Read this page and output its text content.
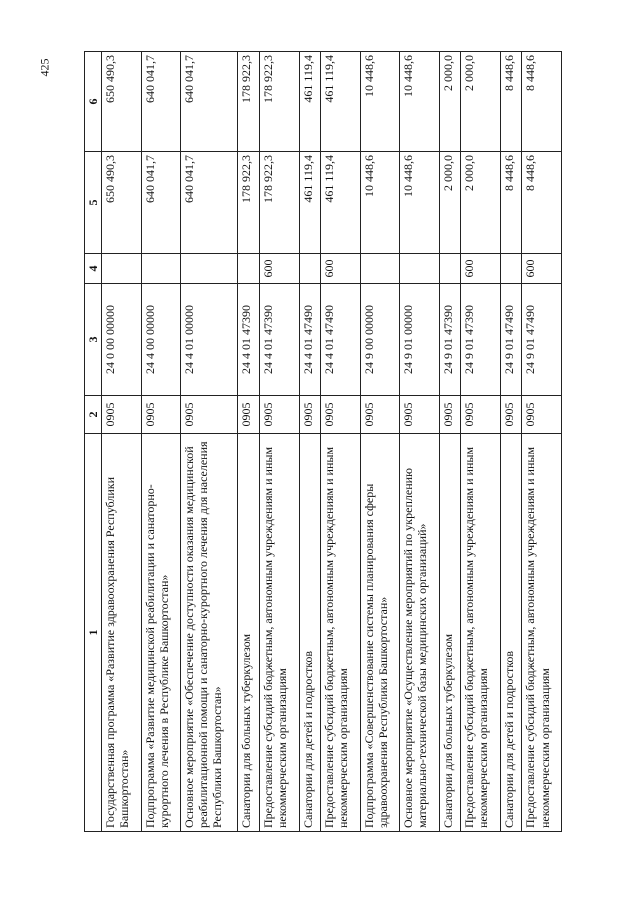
425
1	2	3	4	5	6
Государственная программа «Развитие здравоохранения Республики Башкортостан»	0905	24 0 00 00000		650 490,3	650 490,3
Подпрограмма «Развитие медицинской реабилитации и санаторно-курортного лечения в Республике Башкортостан»	0905	24 4 00 00000		640 041,7	640 041,7
Основное мероприятие «Обеспечение доступности оказания медицинской реабилитационной помощи и санаторно-курортного лечения для населения Республики Башкортостан»	0905	24 4 01 00000		640 041,7	640 041,7
Санатории для больных туберкулезом	0905	24 4 01 47390		178 922,3	178 922,3
Предоставление субсидий бюджетным, автономным учреждениям и иным некоммерческим организациям	0905	24 4 01 47390	600	178 922,3	178 922,3
Санатории для детей и подростков	0905	24 4 01 47490		461 119,4	461 119,4
Предоставление субсидий бюджетным, автономным учреждениям и иным некоммерческим организациям	0905	24 4 01 47490	600	461 119,4	461 119,4
Подпрограмма «Совершенствование системы планирования сферы здравоохранения Республики Башкортостан»	0905	24 9 00 00000		10 448,6	10 448,6
Основное мероприятие «Осуществление мероприятий по укреплению материально-технической базы медицинских организаций»	0905	24 9 01 00000		10 448,6	10 448,6
Санатории для больных туберкулезом	0905	24 9 01 47390		2 000,0	2 000,0
Предоставление субсидий бюджетным, автономным учреждениям и иным некоммерческим организациям	0905	24 9 01 47390	600	2 000,0	2 000,0
Санатории для детей и подростков	0905	24 9 01 47490		8 448,6	8 448,6
Предоставление субсидий бюджетным, автономным учреждениям и иным некоммерческим организациям	0905	24 9 01 47490	600	8 448,6	8 448,6
